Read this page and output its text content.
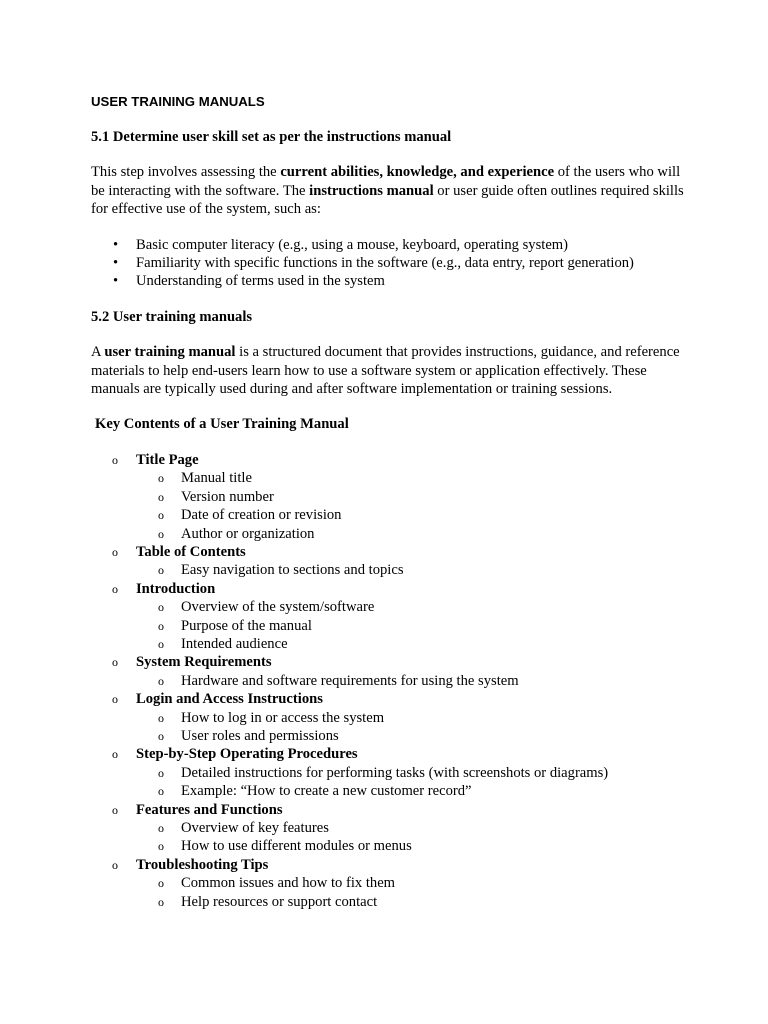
USER TRAINING MANUALS
5.1 Determine user skill set as per the instructions manual

This step involves assessing the current abilities, knowledge, and experience of the users who will be interacting with the software. The instructions manual or user guide often outlines required skills for effective use of the system, such as:

• Basic computer literacy (e.g., using a mouse, keyboard, operating system)
• Familiarity with specific functions in the software (e.g., data entry, report generation)
• Understanding of terms used in the system
5.2 User training manuals

A user training manual is a structured document that provides instructions, guidance, and reference materials to help end-users learn how to use a software system or application effectively. These manuals are typically used during and after software implementation or training sessions.

Key Contents of a User Training Manual
o Title Page
o Manual title
o Version number
o Date of creation or revision
o Author or organization
o Table of Contents
o Easy navigation to sections and topics
o Introduction
o Overview of the system/software
o Purpose of the manual
o Intended audience
o System Requirements
o Hardware and software requirements for using the system
o Login and Access Instructions
o How to log in or access the system
o User roles and permissions
o Step-by-Step Operating Procedures
o Detailed instructions for performing tasks (with screenshots or diagrams)
o Example: “How to create a new customer record”
o Features and Functions
o Overview of key features
o How to use different modules or menus
o Troubleshooting Tips
o Common issues and how to fix them
o Help resources or support contact
